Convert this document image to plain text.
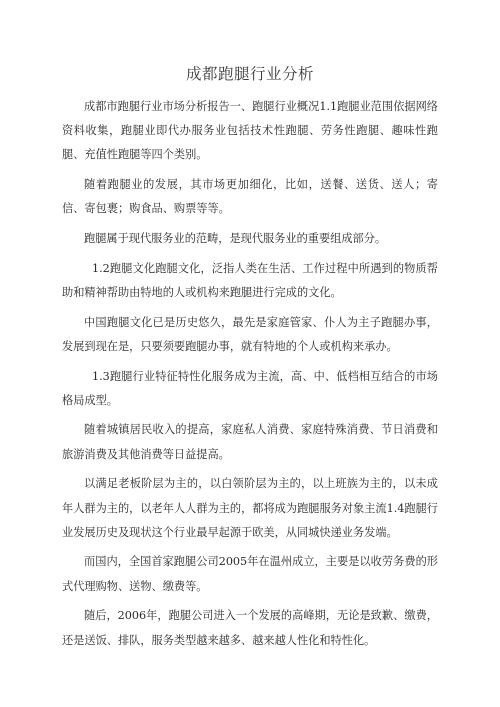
成都跑腿行业分析

成都市跑腿行业市场分析报告一、跑腿行业概况1.1跑腿业范围依据网络资料收集，跑腿业即代办服务业包括技术性跑腿、劳务性跑腿、趣味性跑腿、充值性跑腿等四个类别。

随着跑腿业的发展，其市场更加细化，比如，送餐、送货、送人；寄信、寄包裹；购食品、购票等等。

跑腿属于现代服务业的范畴，是现代服务业的重要组成部分。

1.2跑腿文化跑腿文化，泛指人类在生活、工作过程中所遇到的物质帮助和精神帮助由特地的人或机构来跑腿进行完成的文化。

中国跑腿文化已是历史悠久，最先是家庭管家、仆人为主子跑腿办事，发展到现在是，只要须要跑腿办事，就有特地的个人或机构来承办。

1.3跑腿行业特征特性化服务成为主流，高、中、低档相互结合的市场格局成型。

随着城镇居民收入的提高，家庭私人消费、家庭特殊消费、节日消费和旅游消费及其他消费等日益提高。

以满足老板阶层为主的，以白领阶层为主的，以上班族为主的，以未成年人群为主的，以老年人人群为主的，都将成为跑腿服务对象主流1.4跑腿行业发展历史及现状这个行业最早起源于欧美，从同城快递业务发端。

而国内，全国首家跑腿公司2005年在温州成立，主要是以收劳务费的形式代理购物、送物、缴费等。

随后，2006年，跑腿公司进入一个发展的高峰期，无论是致歉、缴费，还是送饭、排队，服务类型越来越多、越来越人性化和特性化。
